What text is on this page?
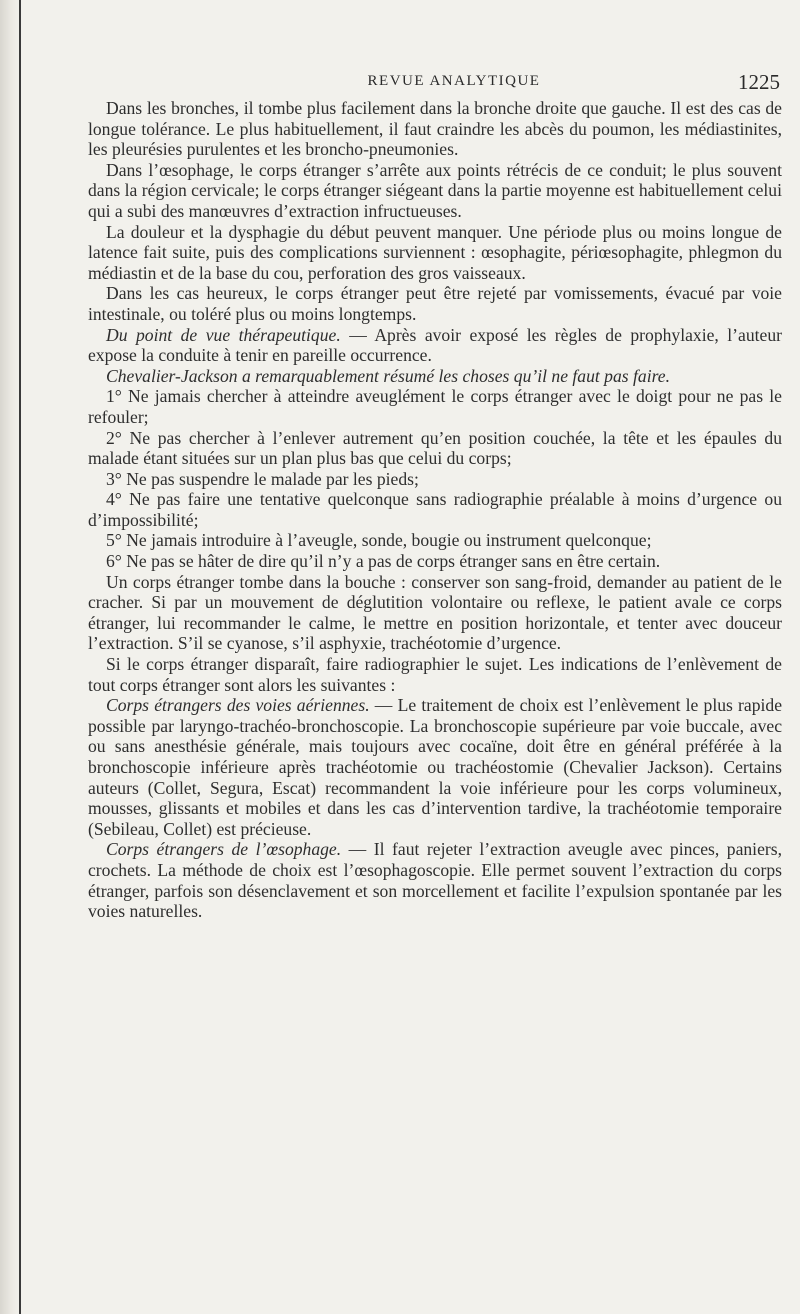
REVUE ANALYTIQUE	1225

Dans les bronches, il tombe plus facilement dans la bronche droite que gauche. Il est des cas de longue tolérance. Le plus habituellement, il faut craindre les abcès du poumon, les médiastinites, les pleurésies purulentes et les broncho-pneumonies.

Dans l’œsophage, le corps étranger s’arrête aux points rétrécis de ce conduit; le plus souvent dans la région cervicale; le corps étranger siégeant dans la partie moyenne est habituellement celui qui a subi des manœuvres d’extraction infructueuses.

La douleur et la dysphagie du début peuvent manquer. Une période plus ou moins longue de latence fait suite, puis des complications surviennent : œsophagite, périœsophagite, phlegmon du médiastin et de la base du cou, perforation des gros vaisseaux.

Dans les cas heureux, le corps étranger peut être rejeté par vomissements, évacué par voie intestinale, ou toléré plus ou moins longtemps.

Du point de vue thérapeutique. — Après avoir exposé les règles de prophylaxie, l’auteur expose la conduite à tenir en pareille occurrence.

Chevalier-Jackson a remarquablement résumé les choses qu’il ne faut pas faire.

1° Ne jamais chercher à atteindre aveuglément le corps étranger avec le doigt pour ne pas le refouler;

2° Ne pas chercher à l’enlever autrement qu’en position couchée, la tête et les épaules du malade étant situées sur un plan plus bas que celui du corps;

3° Ne pas suspendre le malade par les pieds;

4° Ne pas faire une tentative quelconque sans radiographie préalable à moins d’urgence ou d’impossibilité;

5° Ne jamais introduire à l’aveugle, sonde, bougie ou instrument quelconque;

6° Ne pas se hâter de dire qu’il n’y a pas de corps étranger sans en être certain.

Un corps étranger tombe dans la bouche : conserver son sang-froid, demander au patient de le cracher. Si par un mouvement de déglutition volontaire ou reflexe, le patient avale ce corps étranger, lui recommander le calme, le mettre en position horizontale, et tenter avec douceur l’extraction. S’il se cyanose, s’il asphyxie, trachéotomie d’urgence.

Si le corps étranger disparaît, faire radiographier le sujet. Les indications de l’enlèvement de tout corps étranger sont alors les suivantes :

Corps étrangers des voies aériennes. — Le traitement de choix est l’enlèvement le plus rapide possible par laryngo-trachéo-bronchoscopie. La bronchoscopie supérieure par voie buccale, avec ou sans anesthésie générale, mais toujours avec cocaïne, doit être en général préférée à la bronchoscopie inférieure après trachéotomie ou trachéostomie (Chevalier Jackson). Certains auteurs (Collet, Segura, Escat) recommandent la voie inférieure pour les corps volumineux, mousses, glissants et mobiles et dans les cas d’intervention tardive, la trachéotomie temporaire (Sebileau, Collet) est précieuse.

Corps étrangers de l’œsophage. — Il faut rejeter l’extraction aveugle avec pinces, paniers, crochets. La méthode de choix est l’œsophagoscopie. Elle permet souvent l’extraction du corps étranger, parfois son désenclavement et son morcellement et facilite l’expulsion spontanée par les voies naturelles.
